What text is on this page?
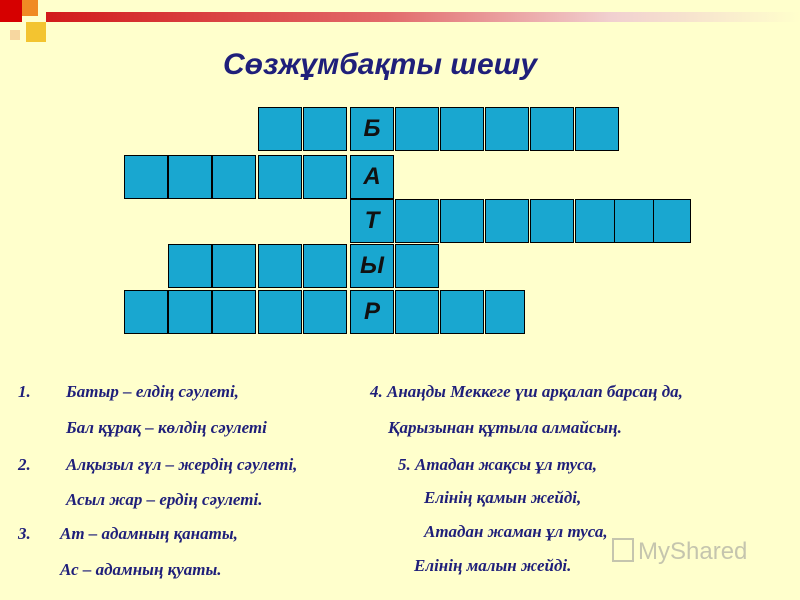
Сөзжұмбақты шешу
Б
А
Т
Ы
Р
1. Батыр – елдің сәулеті,
Бал құрақ – көлдің сәулеті
2. Алқызыл гүл – жердің сәулеті,
Асыл жар – ердің сәулеті.
3. Ат – адамның қанаты,
Ас – адамның қуаты.
4. Анаңды Меккеге үш арқалап барсаң да,
Қарызынан құтыла алмайсың.
5. Атадан жақсы ұл туса,
Елінің қамын жейді,
Атадан жаман ұл туса,
Елінің малын жейді.
MyShared
